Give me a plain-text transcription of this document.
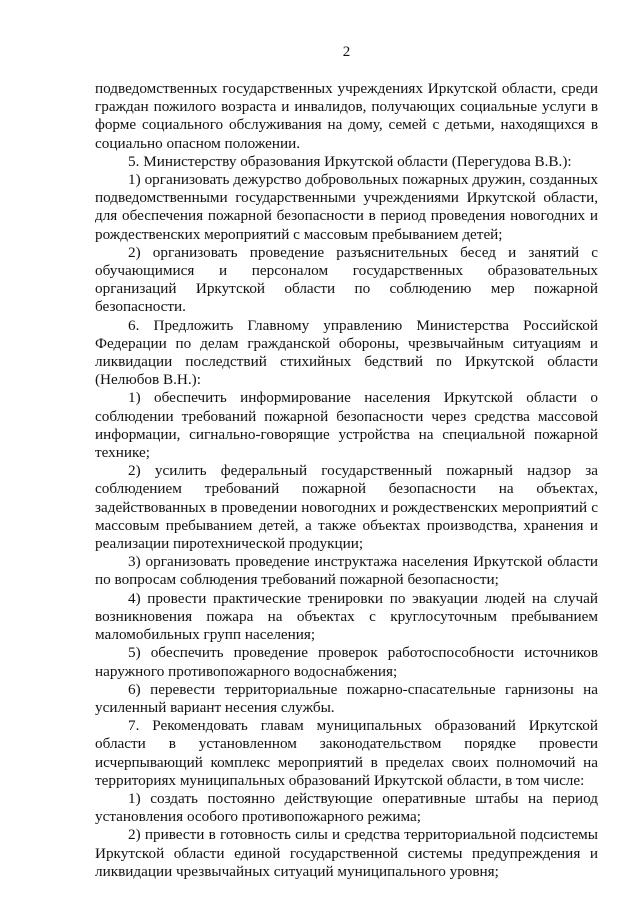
2

подведомственных государственных учреждениях Иркутской области, среди граждан пожилого возраста и инвалидов, получающих социальные услуги в форме социального обслуживания на дому, семей с детьми, находящихся в социально опасном положении.

5. Министерству образования Иркутской области (Перегудова В.В.):

1) организовать дежурство добровольных пожарных дружин, созданных подведомственными государственными учреждениями Иркутской области, для обеспечения пожарной безопасности в период проведения новогодних и рождественских мероприятий с массовым пребыванием детей;

2) организовать проведение разъяснительных бесед и занятий с обучающимися и персоналом государственных образовательных организаций Иркутской области по соблюдению мер пожарной безопасности.

6. Предложить Главному управлению Министерства Российской Федерации по делам гражданской обороны, чрезвычайным ситуациям и ликвидации последствий стихийных бедствий по Иркутской области (Нелюбов В.Н.):

1) обеспечить информирование населения Иркутской области о соблюдении требований пожарной безопасности через средства массовой информации, сигнально-говорящие устройства на специальной пожарной технике;

2) усилить федеральный государственный пожарный надзор за соблюдением требований пожарной безопасности на объектах, задействованных в проведении новогодних и рождественских мероприятий с массовым пребыванием детей, а также объектах производства, хранения и реализации пиротехнической продукции;

3) организовать проведение инструктажа населения Иркутской области по вопросам соблюдения требований пожарной безопасности;

4) провести практические тренировки по эвакуации людей на случай возникновения пожара на объектах с круглосуточным пребыванием маломобильных групп населения;

5) обеспечить проведение проверок работоспособности источников наружного противопожарного водоснабжения;

6) перевести территориальные пожарно-спасательные гарнизоны на усиленный вариант несения службы.

7. Рекомендовать главам муниципальных образований Иркутской области в установленном законодательством порядке провести исчерпывающий комплекс мероприятий в пределах своих полномочий на территориях муниципальных образований Иркутской области, в том числе:

1) создать постоянно действующие оперативные штабы на период установления особого противопожарного режима;

2) привести в готовность силы и средства территориальной подсистемы Иркутской области единой государственной системы предупреждения и ликвидации чрезвычайных ситуаций муниципального уровня;
